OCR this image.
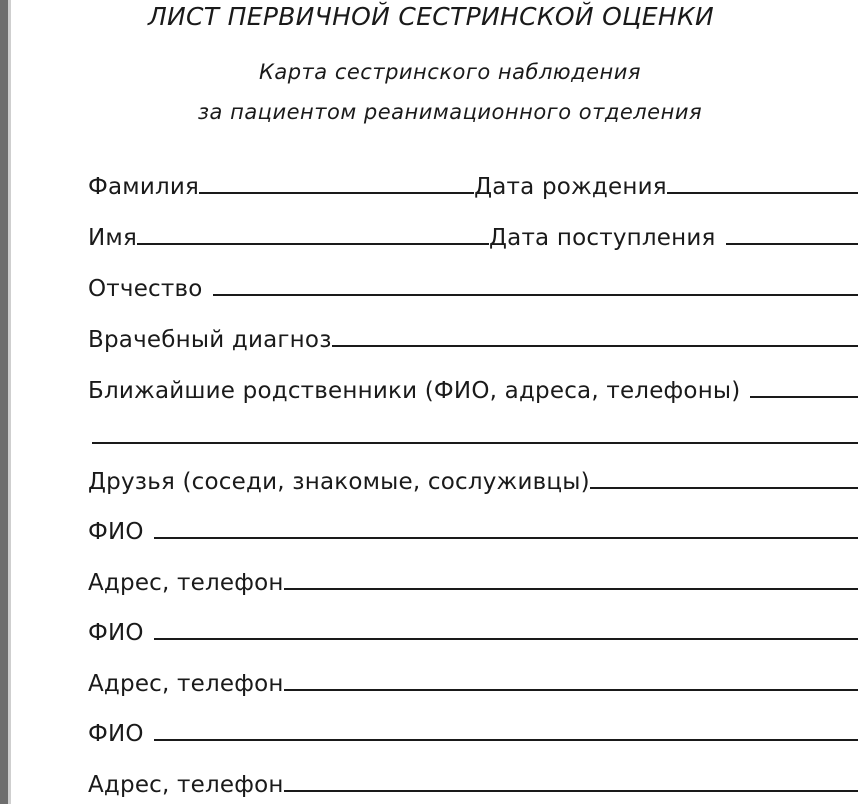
ЛИСТ ПЕРВИЧНОЙ СЕСТРИНСКОЙ ОЦЕНКИ
Карта сестринского наблюдения
за пациентом реанимационного отделения
Фамилия	Дата рождения
Имя	Дата поступления
Отчество
Врачебный диагноз
Ближайшие родственники (ФИО, адреса, телефоны)
Друзья (соседи, знакомые, сослуживцы)
ФИО
Адрес, телефон
ФИО
Адрес, телефон
ФИО
Адрес, телефон
